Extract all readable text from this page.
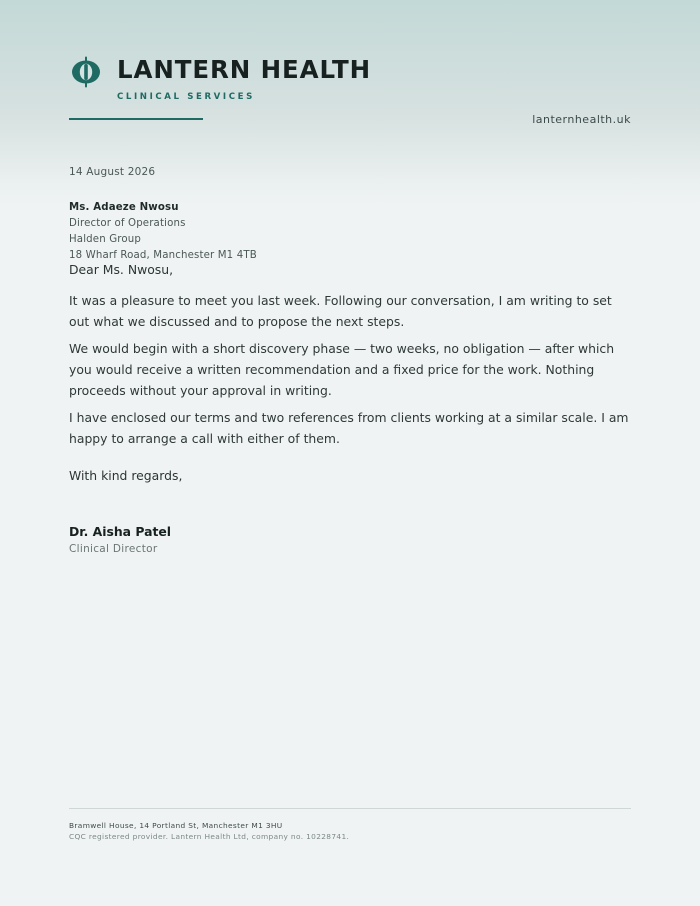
LANTERN HEALTH
CLINICAL SERVICES
lanternhealth.uk
14 August 2026
Ms. Adaeze Nwosu
Director of Operations
Halden Group
18 Wharf Road, Manchester M1 4TB
Dear Ms. Nwosu,

It was a pleasure to meet you last week. Following our conversation, I am writing to set out what we discussed and to propose the next steps.

We would begin with a short discovery phase — two weeks, no obligation — after which you would receive a written recommendation and a fixed price for the work. Nothing proceeds without your approval in writing.

I have enclosed our terms and two references from clients working at a similar scale. I am happy to arrange a call with either of them.

With kind regards,
Dr. Aisha Patel
Clinical Director
Bramwell House, 14 Portland St, Manchester M1 3HU
CQC registered provider. Lantern Health Ltd, company no. 10228741.
